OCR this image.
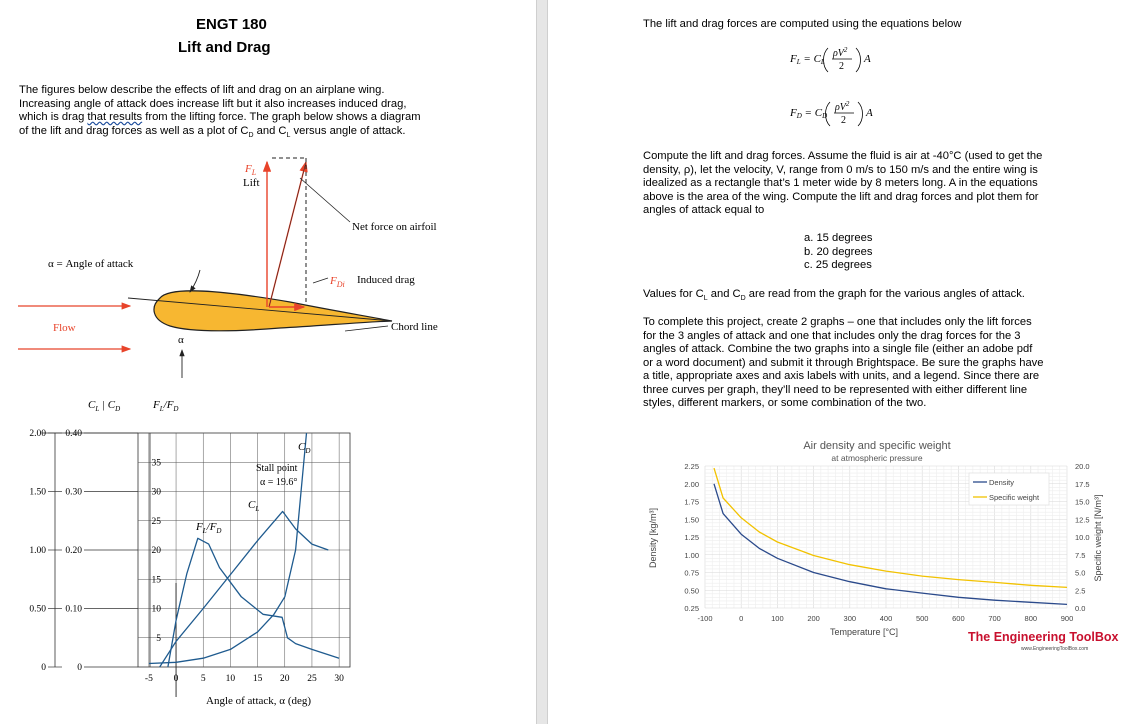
ENGT 180
Lift and Drag
The figures below describe the effects of lift and drag on an airplane wing.
Increasing angle of attack does increase lift but it also increases induced drag,
which is drag that results from the lifting force. The graph below shows a diagram
of the lift and drag forces as well as a plot of $C_D$ and $C_L$ versus angle of attack.
$F_L$
Lift
Net force on airfoil
α = Angle of attack
$F_{Di}$ Induced drag
Flow	Chord line
α
$C_L$ | $C_D$	$F_L/F_D$
0
0.50
1.00
1.50
2.00
0
0.10
0.20
0.30
0.40
5
10
15
20
25
30
35
-5 0 5 10 15 20 25 30
Stall point
α = 19.6°
$C_D$
$C_L$
$F_L/F_D$
Angle of attack, α (deg)
The lift and drag forces are computed using the equations below
FL = CL
$\rho V^2$
2
A
FD = CD
$\rho V^2$
2
A
Compute the lift and drag forces. Assume the fluid is air at -40°C (used to get the
density, ρ), let the velocity, V, range from 0 m/s to 150 m/s and the entire wing is
idealized as a rectangle that’s 1 meter wide by 8 meters long. A in the equations
above is the area of the wing. Compute the lift and drag forces and plot them for
angles of attack equal to
a. 15 degrees
b. 20 degrees
c. 25 degrees
Values for $C_L$ and $C_D$ are read from the graph for the various angles of attack.
To complete this project, create 2 graphs – one that includes only the lift forces
for the 3 angles of attack and one that includes only the drag forces for the 3
angles of attack. Combine the two graphs into a single file (either an adobe pdf
or a word document) and submit it through Brightspace. Be sure the graphs have
a title, appropriate axes and axis labels with units, and a legend. Since there are
three curves per graph, they’ll need to be represented with either different line
styles, different markers, or some combination of the two.
Air density and specific weight
at atmospheric pressure
-100	0	100	200	300	400	500	600	700	800	900
0.25
0.50
0.75
1.00
1.25
1.50
1.75
2.00
2.25
0.0
2.5
5.0
7.5
10.0
12.5
15.0
17.5
20.0
Temperature [°C]
Density [kg/m³]	Specific weight [N/m³]
Density
Specific weight
The Engineering ToolBox
www.EngineeringToolBox.com
